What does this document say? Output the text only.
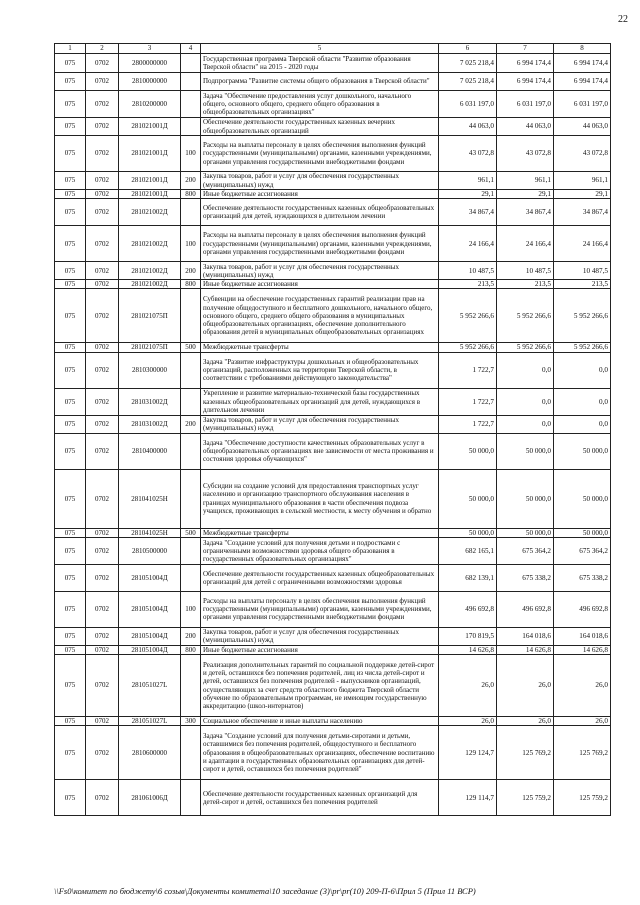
22
1	2	3	4	5	6	7	8
075	0702	2800000000		Государственная программа Тверской области "Развитие образования Тверской области" на 2015 - 2020 годы	7 025 218,4	6 994 174,4	6 994 174,4
075	0702	2810000000		Подпрограмма "Развитие системы общего образования в Тверской области"	7 025 218,4	6 994 174,4	6 994 174,4
075	0702	2810200000		Задача "Обеспечение предоставления услуг дошкольного, начального общего, основного общего, среднего общего образования в общеобразовательных организациях"	6 031 197,0	6 031 197,0	6 031 197,0
075	0702	281021001Д		Обеспечение деятельности государственных казенных вечерних общеобразовательных организаций	44 063,0	44 063,0	44 063,0
075	0702	281021001Д	100	Расходы на выплаты персоналу в целях обеспечения выполнения функций государственными (муниципальными) органами, казенными учреждениями, органами управления государственными внебюджетными фондами	43 072,8	43 072,8	43 072,8
075	0702	281021001Д	200	Закупка товаров, работ и услуг для обеспечения государственных (муниципальных) нужд	961,1	961,1	961,1
075	0702	281021001Д	800	Иные бюджетные ассигнования	29,1	29,1	29,1
075	0702	281021002Д		Обеспечение деятельности государственных казенных общеобразовательных организаций для детей, нуждающихся в длительном лечении	34 867,4	34 867,4	34 867,4
075	0702	281021002Д	100	Расходы на выплаты персоналу в целях обеспечения выполнения функций государственными (муниципальными) органами, казенными учреждениями, органами управления государственными внебюджетными фондами	24 166,4	24 166,4	24 166,4
075	0702	281021002Д	200	Закупка товаров, работ и услуг для обеспечения государственных (муниципальных) нужд	10 487,5	10 487,5	10 487,5
075	0702	281021002Д	800	Иные бюджетные ассигнования	213,5	213,5	213,5
075	0702	281021075П		Субвенции на обеспечение государственных гарантий реализации прав на получение общедоступного и бесплатного дошкольного, начального общего, основного общего, среднего общего образования в муниципальных общеобразовательных организациях, обеспечение дополнительного образования детей в муниципальных общеобразовательных организациях	5 952 266,6	5 952 266,6	5 952 266,6
075	0702	281021075П	500	Межбюджетные трансферты	5 952 266,6	5 952 266,6	5 952 266,6
075	0702	2810300000		Задача "Развитие инфраструктуры дошкольных и общеобразовательных организаций, расположенных на территории Тверской области, в соответствии с требованиями действующего законодательства"	1 722,7	0,0	0,0
075	0702	281031002Д		Укрепление и развитие материально-технической базы государственных казенных общеобразовательных организаций для детей, нуждающихся в длительном лечении	1 722,7	0,0	0,0
075	0702	281031002Д	200	Закупка товаров, работ и услуг для обеспечения государственных (муниципальных) нужд	1 722,7	0,0	0,0
075	0702	2810400000		Задача "Обеспечение доступности качественных образовательных услуг в общеобразовательных организациях вне зависимости от места проживания и состояния здоровья обучающихся"	50 000,0	50 000,0	50 000,0
075	0702	281041025Н		Субсидии на создание условий для предоставления транспортных услуг населению и организацию транспортного обслуживания населения в границах муниципального образования в части обеспечения подвоза учащихся, проживающих в сельской местности, к месту обучения и обратно	50 000,0	50 000,0	50 000,0
075	0702	281041025Н	500	Межбюджетные трансферты	50 000,0	50 000,0	50 000,0
075	0702	2810500000		Задача "Создание условий для получения детьми и подростками с ограниченными возможностями здоровья общего образования в государственных образовательных организациях"	682 165,1	675 364,2	675 364,2
075	0702	281051004Д		Обеспечение деятельности государственных казенных общеобразовательных организаций для детей с ограниченными возможностями здоровья	682 139,1	675 338,2	675 338,2
075	0702	281051004Д	100	Расходы на выплаты персоналу в целях обеспечения выполнения функций государственными (муниципальными) органами, казенными учреждениями, органами управления государственными внебюджетными фондами	496 692,8	496 692,8	496 692,8
075	0702	281051004Д	200	Закупка товаров, работ и услуг для обеспечения государственных (муниципальных) нужд	170 819,5	164 018,6	164 018,6
075	0702	281051004Д	800	Иные бюджетные ассигнования	14 626,8	14 626,8	14 626,8
075	0702	281051027L		Реализация дополнительных гарантий по социальной поддержке детей-сирот и детей, оставшихся без попечения родителей, лиц из числа детей-сирот и детей, оставшихся без попечения родителей - выпускников организаций, осуществляющих за счет средств областного бюджета Тверской области обучение по образовательным программам, не имеющим государственную аккредитацию (школ-интернатов)	26,0	26,0	26,0
075	0702	281051027L	300	Социальное обеспечение и иные выплаты населению	26,0	26,0	26,0
075	0702	2810600000		Задача "Создание условий для получения детьми-сиротами и детьми, оставшимися без попечения родителей, общедоступного и бесплатного образования в общеобразовательных организациях, обеспечение воспитанию и адаптации в государственных образовательных организациях для детей-сирот и детей, оставшихся без попечения родителей"	129 124,7	125 769,2	125 769,2
075	0702	281061006Д		Обеспечение деятельности государственных казенных организаций для детей-сирот и детей, оставшихся без попечения родителей	129 114,7	125 759,2	125 759,2
\\Fs0\комитет по бюджету\6 созыв\Документы комитета\10 заседание (3)\pr\pr(10) 209-П-6\Прил 5 (Прил 11 ВСР)
